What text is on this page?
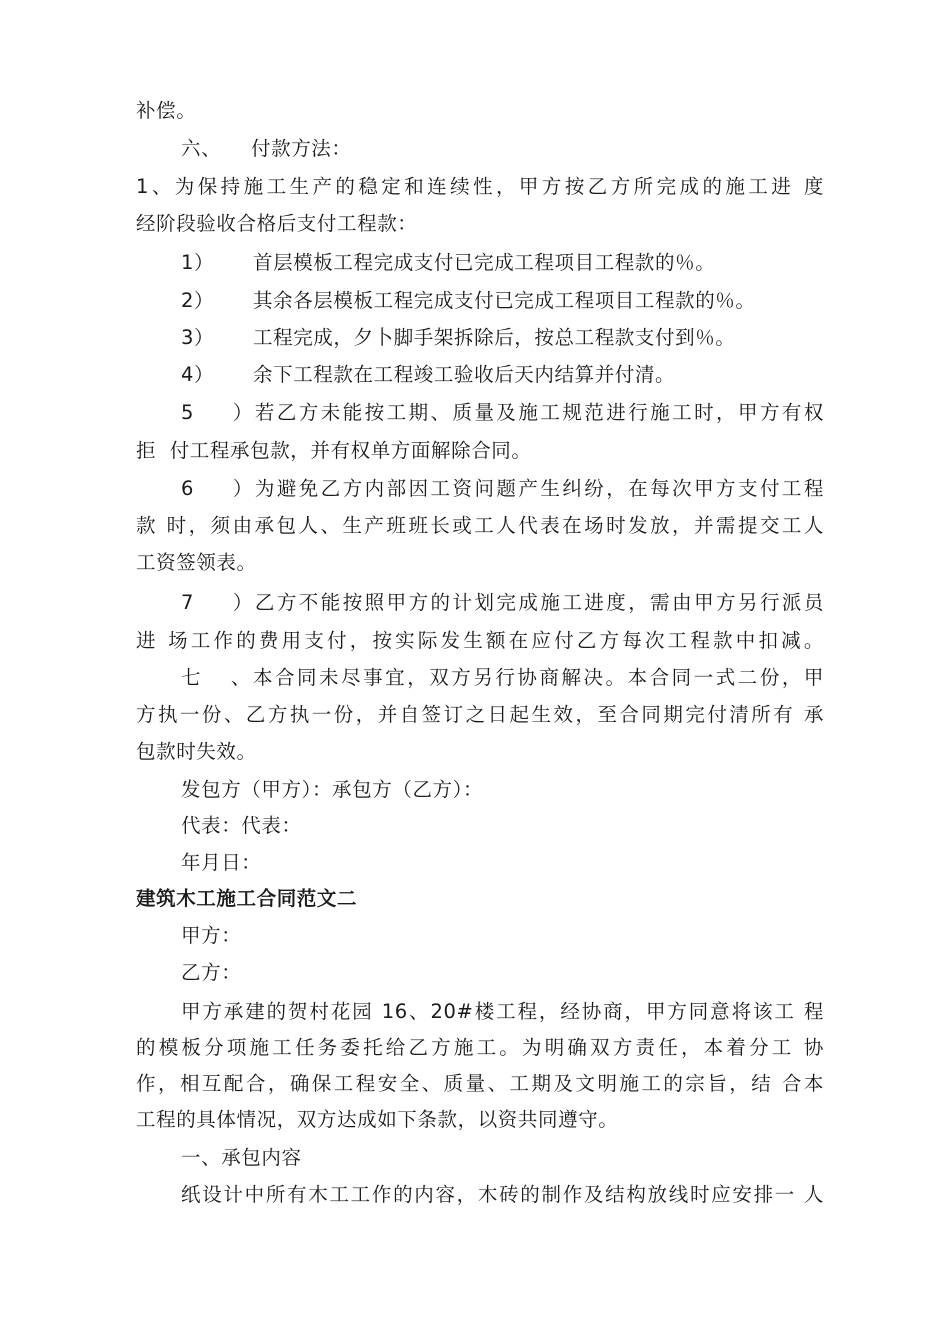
补偿。
六、 付款方法：
1、为保持施工生产的稳定和连续性，甲方按乙方所完成的施工进 度
经阶段验收合格后支付工程款：
1） 首层模板工程完成支付已完成工程项目工程款的％。
2） 其余各层模板工程完成支付已完成工程项目工程款的％。
3） 工程完成，夕卜脚手架拆除后，按总工程款支付到％。
4） 余下工程款在工程竣工验收后天内结算并付清。
5）若乙方未能按工期、质量及施工规范进行施工时，甲方有权
拒  付工程承包款，并有权单方面解除合同。
6）为避免乙方内部因工资问题产生纠纷，在每次甲方支付工程
款 时，须由承包人、生产班班长或工人代表在场时发放，并需提交工人
工资签领表。
7）乙方不能按照甲方的计划完成施工进度，需由甲方另行派员
进 场工作的费用支付，按实际发生额在应付乙方每次工程款中扣减。
七、本合同未尽事宜，双方另行协商解决。本合同一式二份，甲
方执一份、乙方执一份，并自签订之日起生效，至合同期完付清所有 承
包款时失效。
发包方（甲方）：承包方（乙方）：
代表：代表：
年月日：
建筑木工施工合同范文二
甲方：
乙方：
甲方承建的贺村花园 16、20#楼工程，经协商，甲方同意将该工 程
的模板分项施工任务委托给乙方施工。为明确双方责任，本着分工 协
作，相互配合，确保工程安全、质量、工期及文明施工的宗旨，结 合本
工程的具体情况，双方达成如下条款，以资共同遵守。
一、承包内容
纸设计中所有木工工作的内容，木砖的制作及结构放线时应安排一 人
